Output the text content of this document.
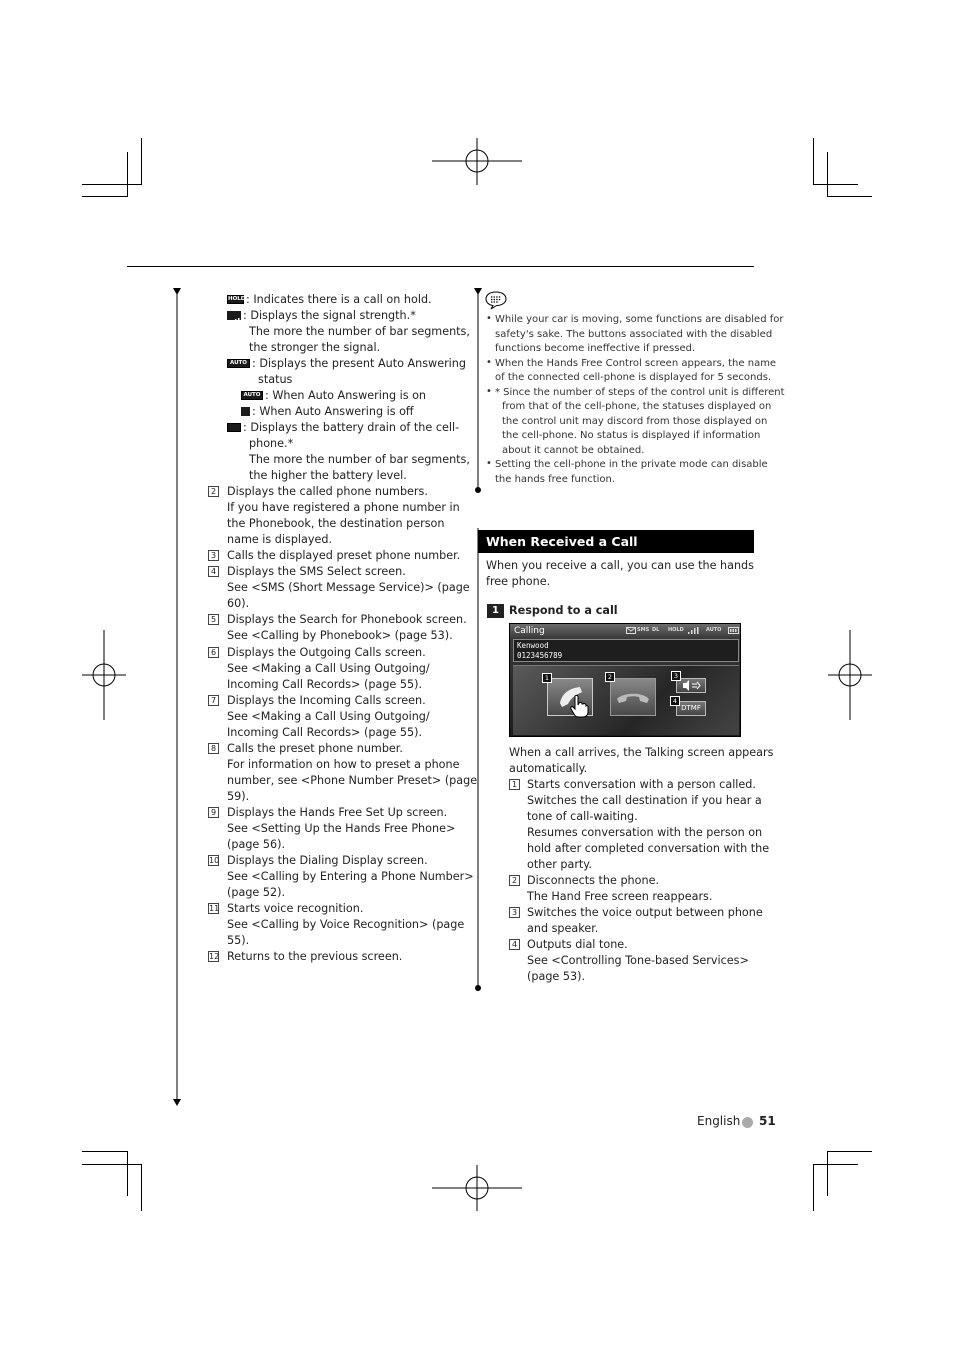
HOLD : Indicates there is a call on hold.
: Displays the signal strength.*
The more the number of bar segments,
the stronger the signal.
AUTO : Displays the present Auto Answering
status
AUTO : When Auto Answering is on
: When Auto Answering is off
: Displays the battery drain of the cell-
phone.*
The more the number of bar segments,
the higher the battery level.
2 Displays the called phone numbers.
If you have registered a phone number in
the Phonebook, the destination person
name is displayed.
3 Calls the displayed preset phone number.
4 Displays the SMS Select screen.
See <SMS (Short Message Service)> (page
60).
5 Displays the Search for Phonebook screen.
See <Calling by Phonebook> (page 53).
6 Displays the Outgoing Calls screen.
See <Making a Call Using Outgoing/
Incoming Call Records> (page 55).
7 Displays the Incoming Calls screen.
See <Making a Call Using Outgoing/
Incoming Call Records> (page 55).
8 Calls the preset phone number.
For information on how to preset a phone
number, see <Phone Number Preset> (page
59).
9 Displays the Hands Free Set Up screen.
See <Setting Up the Hands Free Phone>
(page 56).
10 Displays the Dialing Display screen.
See <Calling by Entering a Phone Number>
(page 52).
11 Starts voice recognition.
See <Calling by Voice Recognition> (page
55).
12 Returns to the previous screen.
• While your car is moving, some functions are disabled for
safety's sake. The buttons associated with the disabled
functions become ineffective if pressed.
• When the Hands Free Control screen appears, the name
of the connected cell-phone is displayed for 5 seconds.
• * Since the number of steps of the control unit is different
from that of the cell-phone, the statuses displayed on
the control unit may discord from those displayed on
the cell-phone. No status is displayed if information
about it cannot be obtained.
• Setting the cell-phone in the private mode can disable
the hands free function.
When Received a Call
When you receive a call, you can use the hands
free phone.
1 Respond to a call
Calling	SMS DL HOLD	AUTO
Kenwood
0123456789
DTMF
1	2	3
4
When a call arrives, the Talking screen appears
automatically.
1 Starts conversation with a person called.
Switches the call destination if you hear a
tone of call-waiting.
Resumes conversation with the person on
hold after completed conversation with the
other party.
2 Disconnects the phone.
The Hand Free screen reappears.
3 Switches the voice output between phone
and speaker.
4 Outputs dial tone.
See <Controlling Tone-based Services>
(page 53).
English 51
